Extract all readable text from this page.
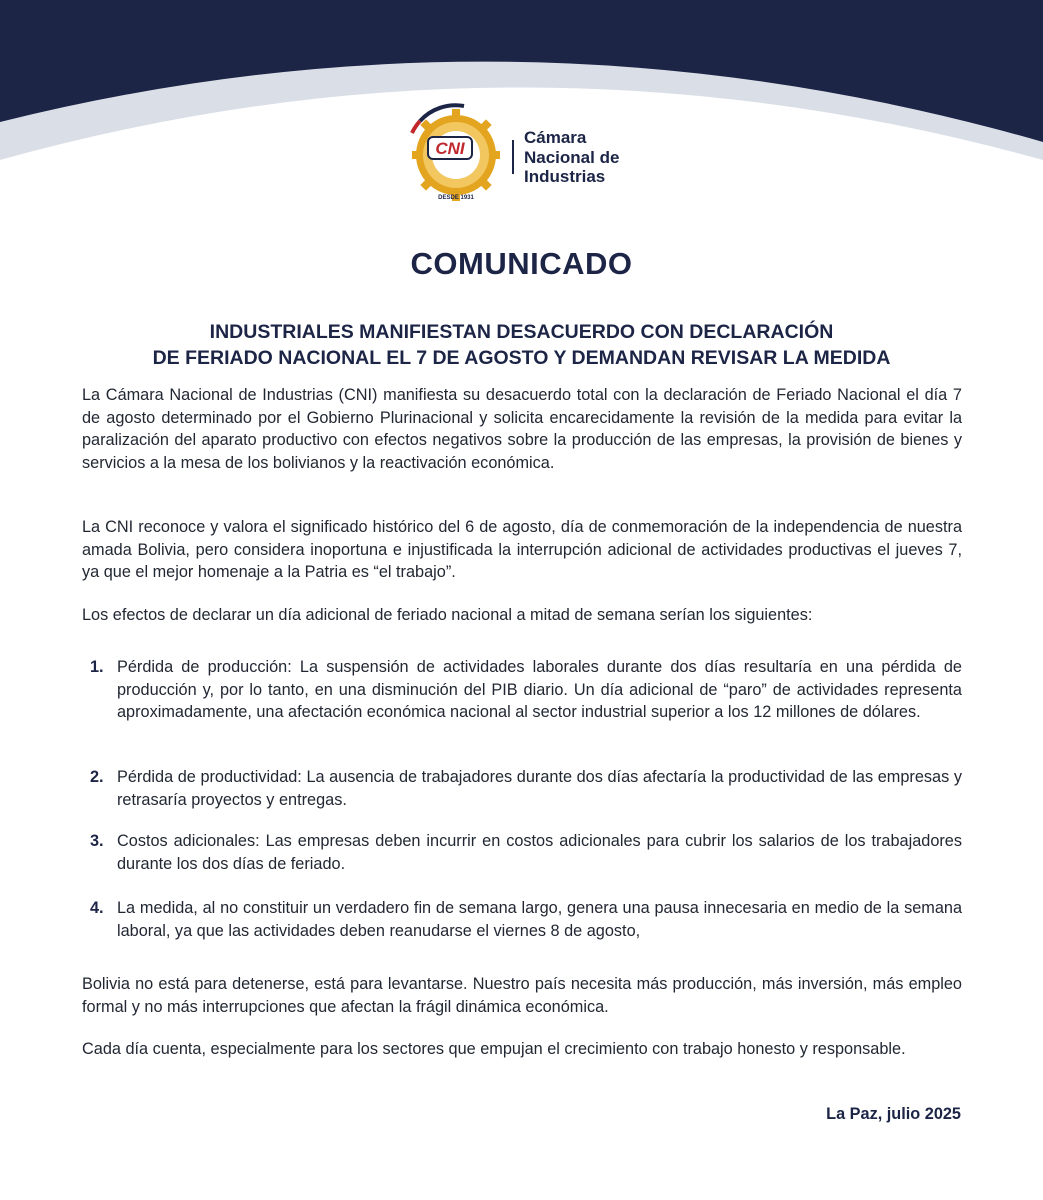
CNI
DESDE 1931
Cámara
Nacional de
Industrias
COMUNICADO
INDUSTRIALES MANIFIESTAN DESACUERDO CON DECLARACIÓN
DE FERIADO NACIONAL EL 7 DE AGOSTO Y DEMANDAN REVISAR LA MEDIDA
La Cámara Nacional de Industrias (CNI) manifiesta su desacuerdo total con la declaración de Feriado Nacional el día 7 de agosto determinado por el Gobierno Plurinacional y solicita encarecidamente la revisión de la medida para evitar la paralización del aparato productivo con efectos negativos sobre la producción de las empresas, la provisión de bienes y servicios a la mesa de los bolivianos y la reactivación económica.
La CNI reconoce y valora el significado histórico del 6 de agosto, día de conmemoración de la independencia de nuestra amada Bolivia, pero considera inoportuna e injustificada la interrupción adicional de actividades productivas el jueves 7, ya que el mejor homenaje a la Patria es “el trabajo”.
Los efectos de declarar un día adicional de feriado nacional a mitad de semana serían los siguientes:
1. Pérdida de producción: La suspensión de actividades laborales durante dos días resultaría en una pérdida de producción y, por lo tanto, en una disminución del PIB diario. Un día adicional de “paro” de actividades representa aproximadamente, una afectación económica nacional al sector industrial superior a los 12 millones de dólares.
2. Pérdida de productividad: La ausencia de trabajadores durante dos días afectaría la productividad de las empresas y retrasaría proyectos y entregas.
3. Costos adicionales: Las empresas deben incurrir en costos adicionales para cubrir los salarios de los trabajadores durante los dos días de feriado.
4. La medida, al no constituir un verdadero fin de semana largo, genera una pausa innecesaria en medio de la semana laboral, ya que las actividades deben reanudarse el viernes 8 de agosto,
Bolivia no está para detenerse, está para levantarse. Nuestro país necesita más producción, más inversión, más empleo formal y no más interrupciones que afectan la frágil dinámica económica.
Cada día cuenta, especialmente para los sectores que empujan el crecimiento con trabajo honesto y responsable.
La Paz, julio 2025
